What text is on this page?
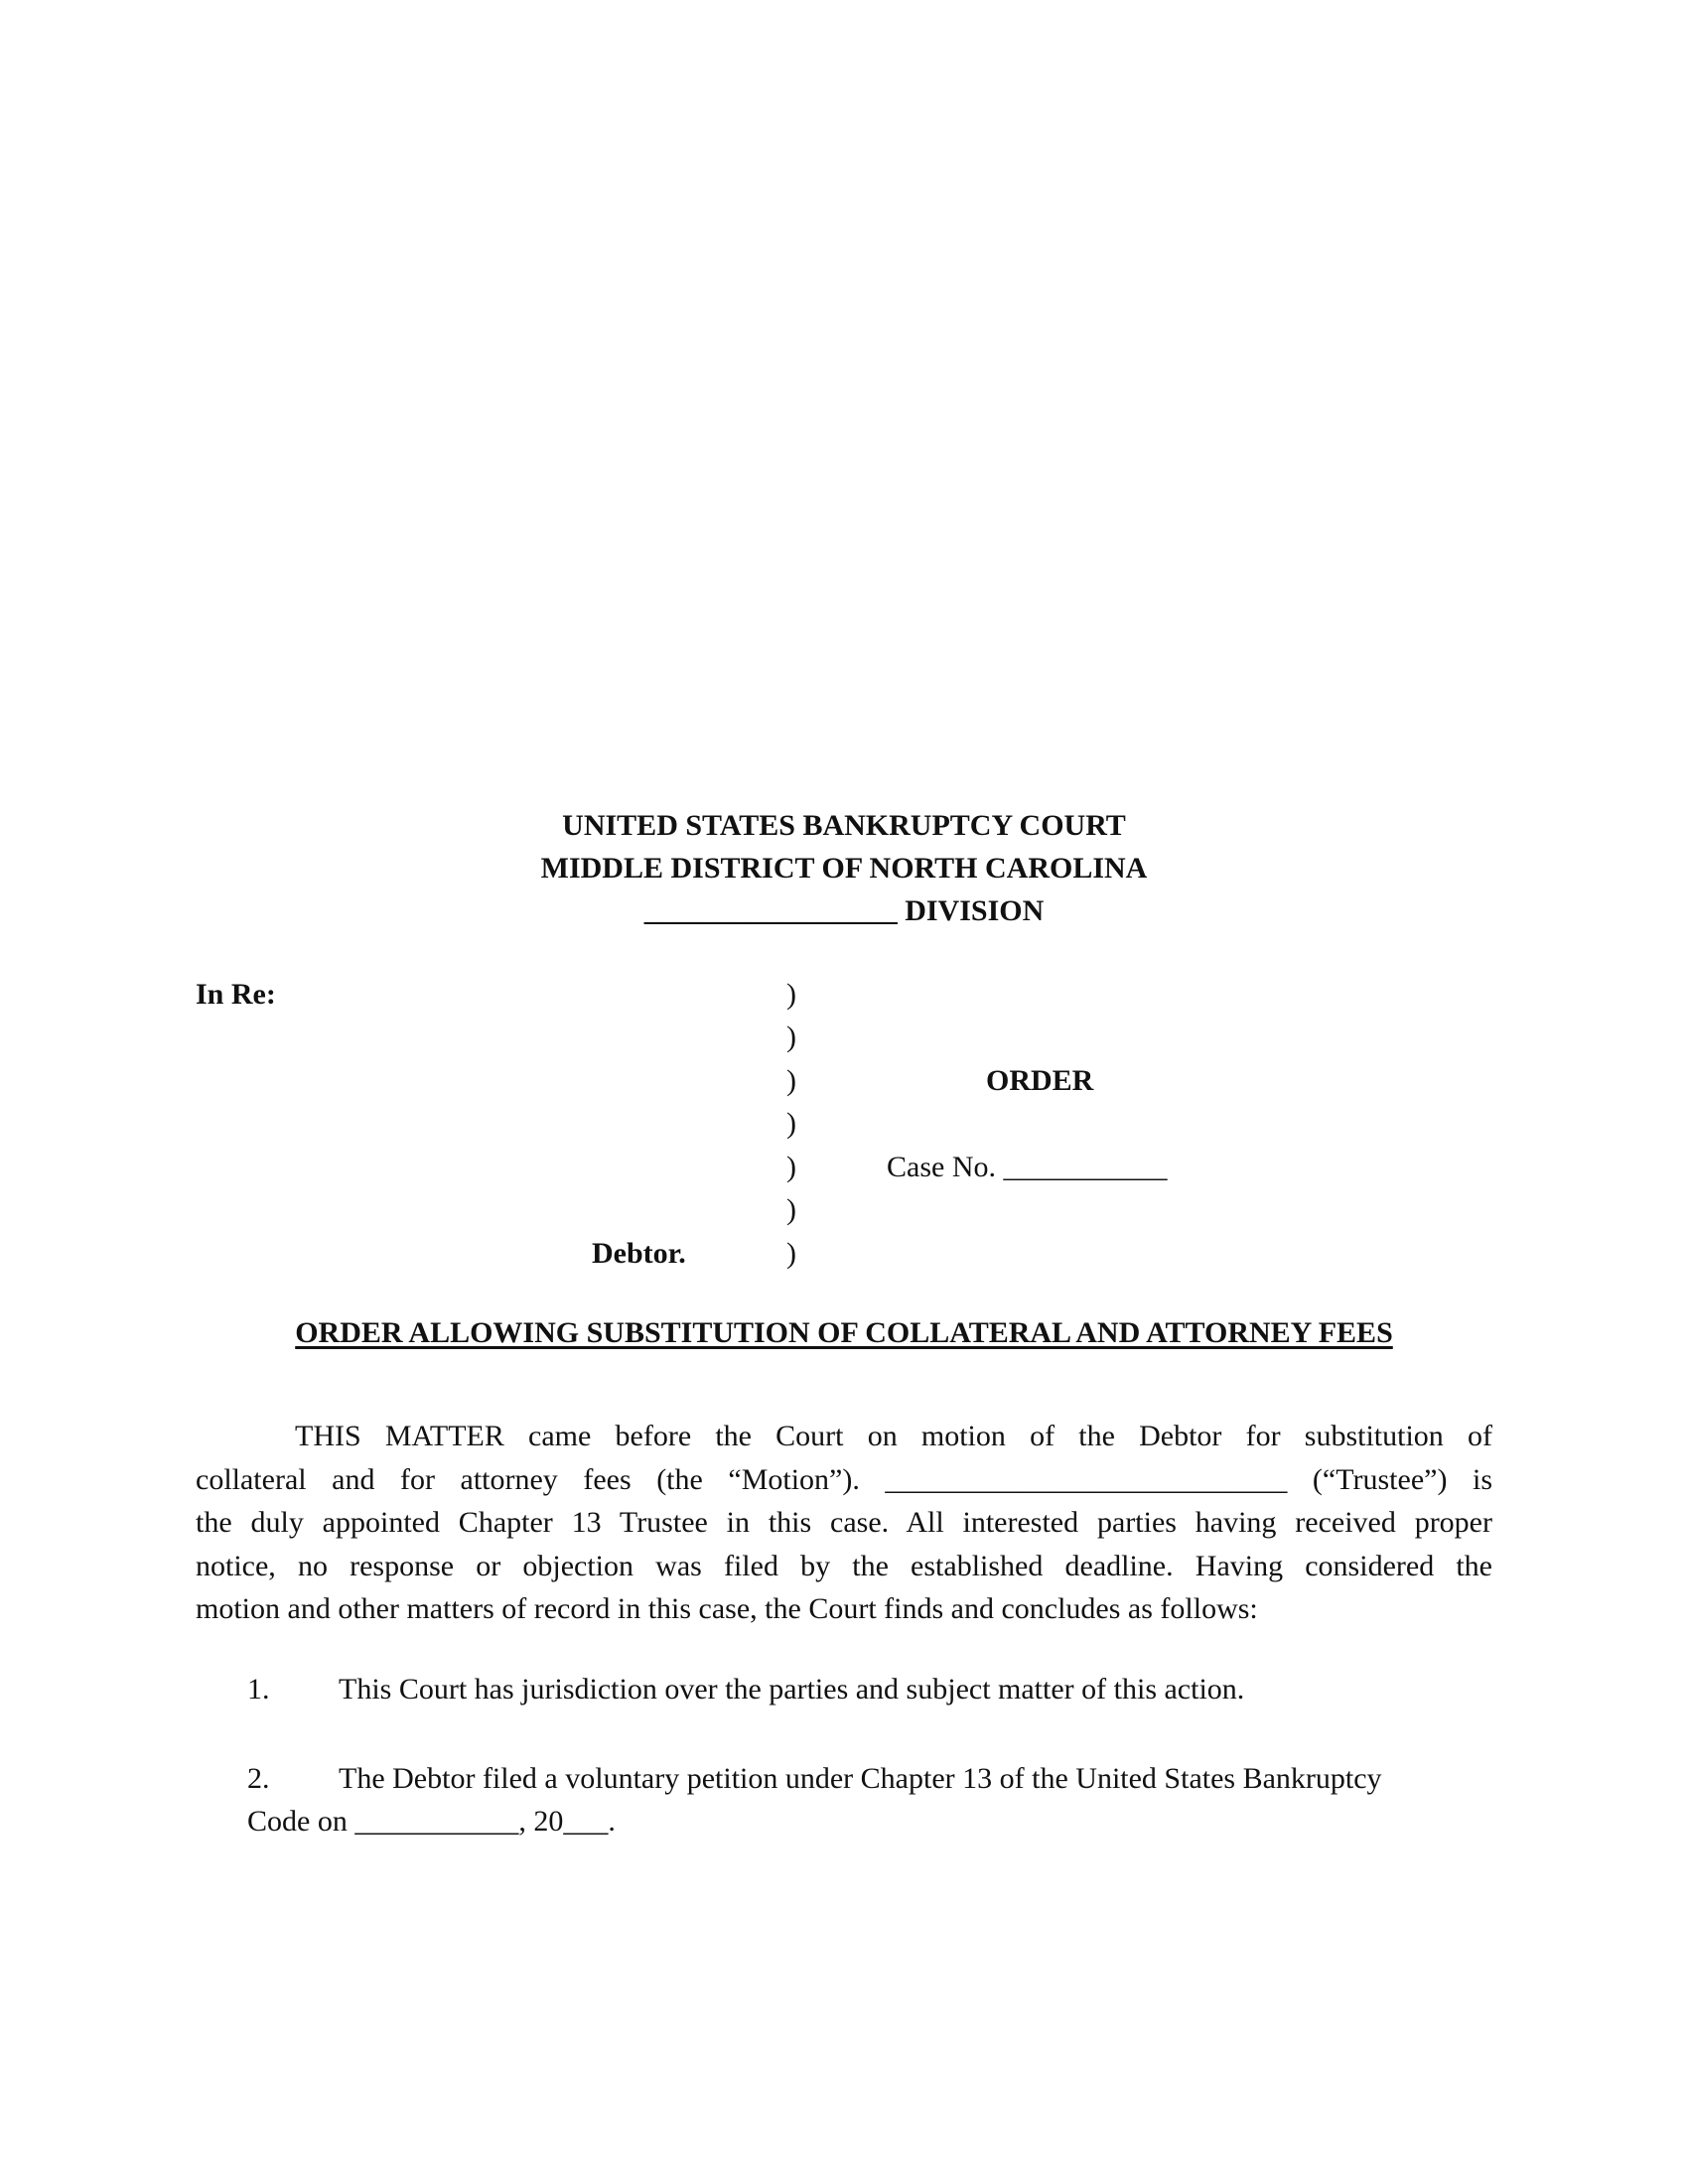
UNITED STATES BANKRUPTCY COURT
MIDDLE DISTRICT OF NORTH CAROLINA
_________________ DIVISION
In Re:	)
)
)
)
)
)
)
ORDER
Case No. ___________
Debtor.
ORDER ALLOWING SUBSTITUTION OF COLLATERAL AND ATTORNEY FEES
THIS MATTER came before the Court on motion of the Debtor for substitution of
collateral and for attorney fees (the “Motion”). ___________________________ (“Trustee”) is
the duly appointed Chapter 13 Trustee in this case. All interested parties having received proper
notice, no response or objection was filed by the established deadline. Having considered the
motion and other matters of record in this case, the Court finds and concludes as follows:
1. This Court has jurisdiction over the parties and subject matter of this action.
2. The Debtor filed a voluntary petition under Chapter 13 of the United States Bankruptcy
Code on ___________, 20___.
